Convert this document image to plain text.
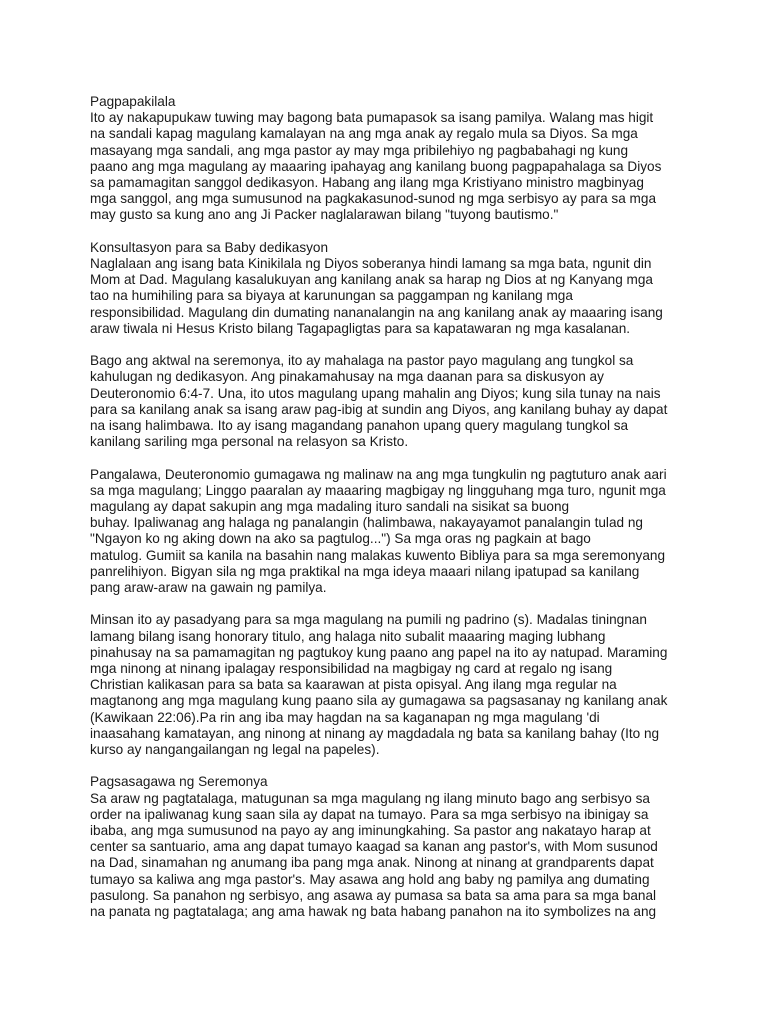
Pagpapakilala
Ito ay nakapupukaw tuwing may bagong bata pumapasok sa isang pamilya. Walang mas higit
na sandali kapag magulang kamalayan na ang mga anak ay regalo mula sa Diyos. Sa mga
masayang mga sandali, ang mga pastor ay may mga pribilehiyo ng pagbabahagi ng kung
paano ang mga magulang ay maaaring ipahayag ang kanilang buong pagpapahalaga sa Diyos
sa pamamagitan sanggol dedikasyon. Habang ang ilang mga Kristiyano ministro magbinyag
mga sanggol, ang mga sumusunod na pagkakasunod-sunod ng mga serbisyo ay para sa mga
may gusto sa kung ano ang Ji Packer naglalarawan bilang "tuyong bautismo."
Konsultasyon para sa Baby dedikasyon
Naglalaan ang isang bata Kinikilala ng Diyos soberanya hindi lamang sa mga bata, ngunit din
Mom at Dad. Magulang kasalukuyan ang kanilang anak sa harap ng Dios at ng Kanyang mga
tao na humihiling para sa biyaya at karunungan sa paggampan ng kanilang mga
responsibilidad. Magulang din dumating nananalangin na ang kanilang anak ay maaaring isang
araw tiwala ni Hesus Kristo bilang Tagapagligtas para sa kapatawaran ng mga kasalanan.
Bago ang aktwal na seremonya, ito ay mahalaga na pastor payo magulang ang tungkol sa
kahulugan ng dedikasyon. Ang pinakamahusay na mga daanan para sa diskusyon ay
Deuteronomio 6:4-7. Una, ito utos magulang upang mahalin ang Diyos; kung sila tunay na nais
para sa kanilang anak sa isang araw pag-ibig at sundin ang Diyos, ang kanilang buhay ay dapat
na isang halimbawa. Ito ay isang magandang panahon upang query magulang tungkol sa
kanilang sariling mga personal na relasyon sa Kristo.
Pangalawa, Deuteronomio gumagawa ng malinaw na ang mga tungkulin ng pagtuturo anak aari
sa mga magulang; Linggo paaralan ay maaaring magbigay ng lingguhang mga turo, ngunit mga
magulang ay dapat sakupin ang mga madaling ituro sandali na sisikat sa buong
buhay. Ipaliwanag ang halaga ng panalangin (halimbawa, nakayayamot panalangin tulad ng
"Ngayon ko ng aking down na ako sa pagtulog...") Sa mga oras ng pagkain at bago
matulog. Gumiit sa kanila na basahin nang malakas kuwento Bibliya para sa mga seremonyang
panrelihiyon. Bigyan sila ng mga praktikal na mga ideya maaari nilang ipatupad sa kanilang
pang araw-araw na gawain ng pamilya.
Minsan ito ay pasadyang para sa mga magulang na pumili ng padrino (s). Madalas tiningnan
lamang bilang isang honorary titulo, ang halaga nito subalit maaaring maging lubhang
pinahusay na sa pamamagitan ng pagtukoy kung paano ang papel na ito ay natupad. Maraming
mga ninong at ninang ipalagay responsibilidad na magbigay ng card at regalo ng isang
Christian kalikasan para sa bata sa kaarawan at pista opisyal. Ang ilang mga regular na
magtanong ang mga magulang kung paano sila ay gumagawa sa pagsasanay ng kanilang anak
(Kawikaan 22:06).Pa rin ang iba may hagdan na sa kaganapan ng mga magulang 'di
inaasahang kamatayan, ang ninong at ninang ay magdadala ng bata sa kanilang bahay (Ito ng
kurso ay nangangailangan ng legal na papeles).
Pagsasagawa ng Seremonya
Sa araw ng pagtatalaga, matugunan sa mga magulang ng ilang minuto bago ang serbisyo sa
order na ipaliwanag kung saan sila ay dapat na tumayo. Para sa mga serbisyo na ibinigay sa
ibaba, ang mga sumusunod na payo ay ang iminungkahing. Sa pastor ang nakatayo harap at
center sa santuario, ama ang dapat tumayo kaagad sa kanan ang pastor's, with Mom susunod
na Dad, sinamahan ng anumang iba pang mga anak. Ninong at ninang at grandparents dapat
tumayo sa kaliwa ang mga pastor's. May asawa ang hold ang baby ng pamilya ang dumating
pasulong. Sa panahon ng serbisyo, ang asawa ay pumasa sa bata sa ama para sa mga banal
na panata ng pagtatalaga; ang ama hawak ng bata habang panahon na ito symbolizes na ang
